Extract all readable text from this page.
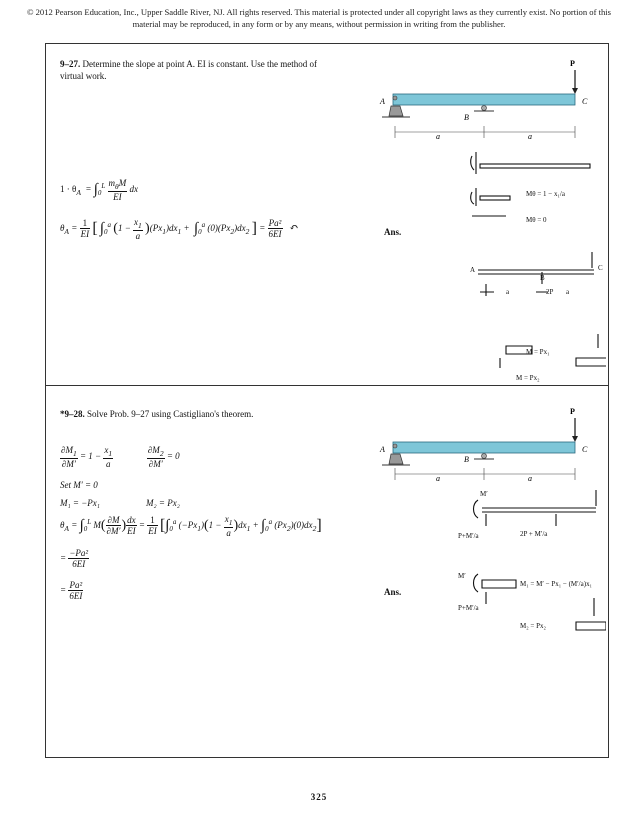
© 2012 Pearson Education, Inc., Upper Saddle River, NJ. All rights reserved. This material is protected under all copyright laws as they currently exist. No portion of this material may be reproduced, in any form or by any means, without permission in writing from the publisher.
9–27. Determine the slope at point A. EI is constant. Use the method of virtual work.
$1 \cdot \theta_A = \int_0^L \frac{m_\theta M}{EI}$ dx
$\theta_A = \frac{1}{EI}$ [ $\int_0^a$ $(1 - \frac{x_1}{a} )(Px_1)dx_1 + \int_0^a$ $(0)(Px_2)dx_2$ ] = $\frac{\text{Pa²}}{6EI}$ ↶	Ans.
P
A	C
B
a	a
Mθ = 1 − x₁/a
Mθ = 0
A	C
B
M = Px₁
M = Px₂
a
a	2P
*9–28. Solve Prob. 9–27 using Castigliano's theorem.
$\frac{\partial M_1}{\partial M'} = 1 - \frac{x_1}{a}$
	$\frac{\partial M_2}{\partial M'} = 0$
Set M′ = 0
M₁ = −Px₁	M₂ = Px₂
$\theta_A = \int_0^L$ $M( \frac{\partial M}{\partial M'}$ ) $\frac{dx}{EI} = \frac{1}{EI} [\int_0^a$ $(-Px_1)(1 - \frac{x_1}{a} )dx_1 + \int_0^a$ $(Px_2)(0)dx_2$]
= $\frac{\text{−Pa²}}{6EI}$
= $\frac{\text{Pa²}}{6EI}$	Ans.
P
A	C
B
a	a
M′
P+M′/a	2P + M′/a
M′
M₁ = M′ − Px₁ − (M′/a)x₁
P+M′/a
M₂ = Px₂
325
